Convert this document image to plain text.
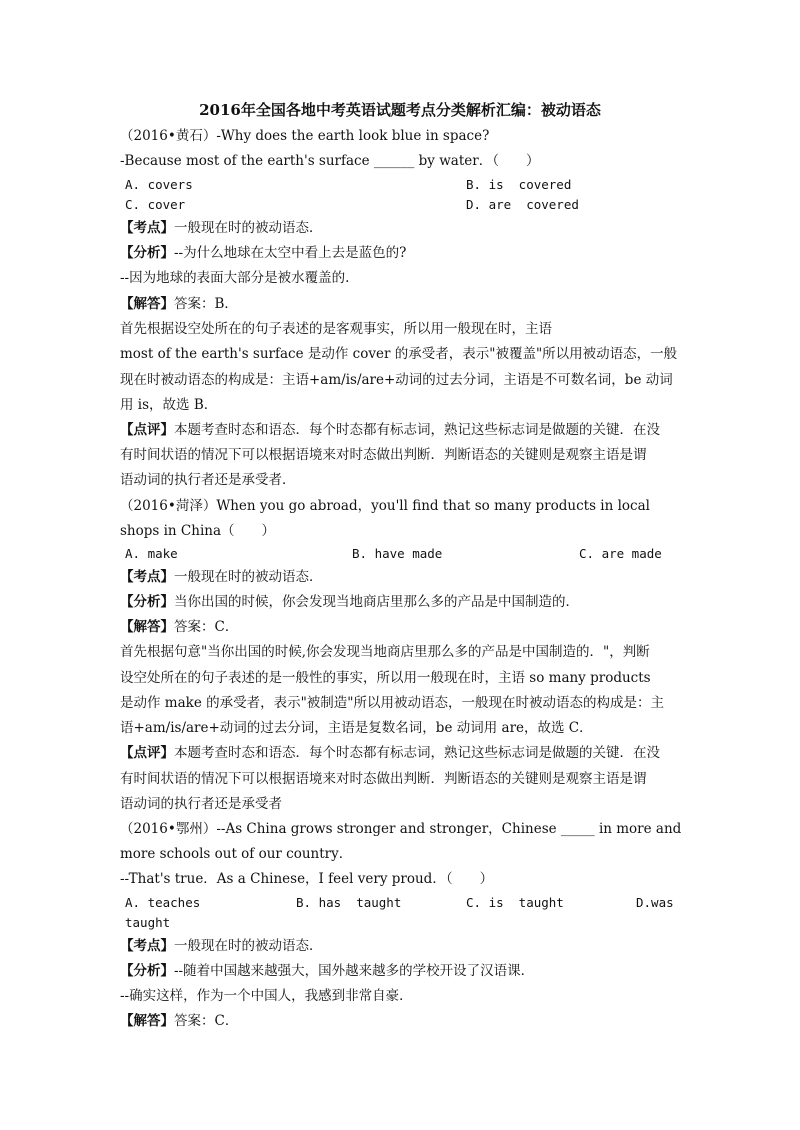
2016年全国各地中考英语试题考点分类解析汇编：被动语态
（2016•黄石）-Why does the earth look blue in space?
-Because most of the earth's surface ______ by water．（　　）
A. covers	B. is  covered
C. cover	D. are  covered
【考点】一般现在时的被动语态．
【分析】--为什么地球在太空中看上去是蓝色的?
--因为地球的表面大部分是被水覆盖的.
【解答】答案：B．
首先根据设空处所在的句子表述的是客观事实，所以用一般现在时，主语
most of the earth's surface 是动作 cover 的承受者，表示"被覆盖"所以用被动语态，一般
现在时被动语态的构成是：主语+am/is/are+动词的过去分词，主语是不可数名词，be 动词
用 is，故选 B．
【点评】本题考查时态和语态．每个时态都有标志词，熟记这些标志词是做题的关键．在没
有时间状语的情况下可以根据语境来对时态做出判断．判断语态的关键则是观察主语是谓
语动词的执行者还是承受者．
（2016•菏泽）When you go abroad，you'll find that so many products in local
shops in China（　　）
A. make	B. have made	C. are made
【考点】一般现在时的被动语态．
【分析】当你出国的时候，你会发现当地商店里那么多的产品是中国制造的．
【解答】答案：C．
首先根据句意"当你出国的时候,你会发现当地商店里那么多的产品是中国制造的．"，判断
设空处所在的句子表述的是一般性的事实，所以用一般现在时，主语 so many products
是动作 make 的承受者，表示"被制造"所以用被动语态，一般现在时被动语态的构成是：主
语+am/is/are+动词的过去分词，主语是复数名词，be 动词用 are，故选 C．
【点评】本题考查时态和语态．每个时态都有标志词，熟记这些标志词是做题的关键．在没
有时间状语的情况下可以根据语境来对时态做出判断．判断语态的关键则是观察主语是谓
语动词的执行者还是承受者
（2016•鄂州）--As China grows stronger and stronger，Chinese _____ in more and
more schools out of our country．
--That's true．As a Chinese，I feel very proud．（　　）
A. teaches	B. has  taught	C. is  taught	D.was
taught
【考点】一般现在时的被动语态．
【分析】--随着中国越来越强大，国外越来越多的学校开设了汉语课．
--确实这样，作为一个中国人，我感到非常自豪．
【解答】答案：C．
